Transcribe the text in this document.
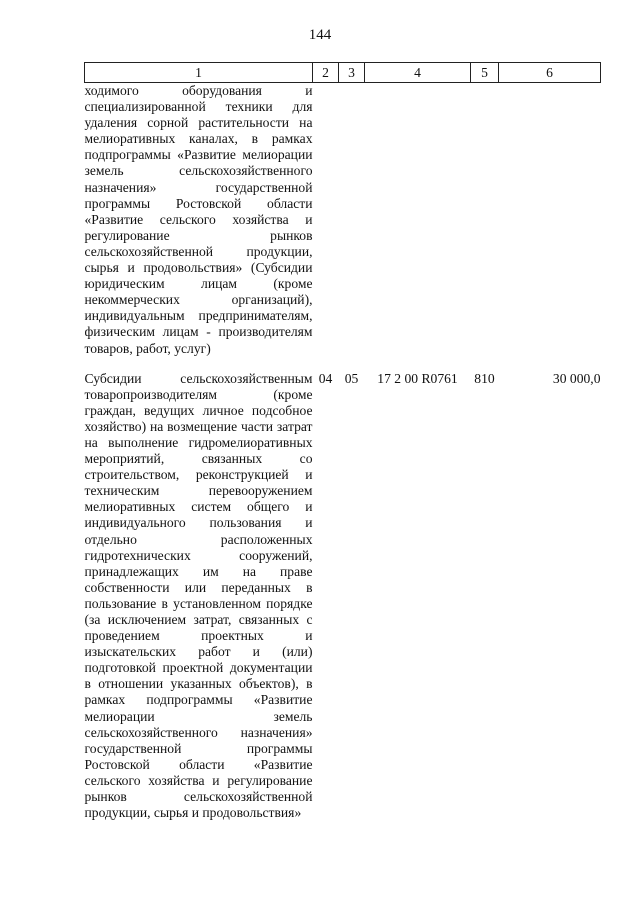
144
1	2	3	4	5	6
ходимого оборудования и специализированной техники для удаления сорной растительности на мелиоративных каналах, в рамках подпрограммы «Развитие мелиорации земель сельскохозяйственного назначения» государственной программы Ростовской области «Развитие сельского хозяйства и регулирование рынков сельскохозяйственной продукции, сырья и продовольствия» (Субсидии юридическим лицам (кроме некоммерческих организаций), индивидуальным предпринимателям, физическим лицам - производителям товаров, работ, услуг)					

Субсидии сельскохозяйственным товаропроизводителям (кроме граждан, ведущих личное подсобное хозяйство) на возмещение части затрат на выполнение гидромелиоративных мероприятий, связанных со строительством, реконструкцией и техническим перевооружением мелиоративных систем общего и индивидуального пользования и отдельно расположенных гидротехнических сооружений, принадлежащих им на праве собственности или переданных в пользование в установленном порядке (за исключением затрат, связанных с проведением проектных и изыскательских работ и (или) подготовкой проектной документации в отношении указанных объектов), в рамках подпрограммы «Развитие мелиорации земель сельскохозяйственного назначения» государственной программы Ростовской области «Развитие сельского хозяйства и регулирование рынков сельскохозяйственной продукции, сырья и продовольствия»	04	05	17 2 00 R0761	810	30 000,0
